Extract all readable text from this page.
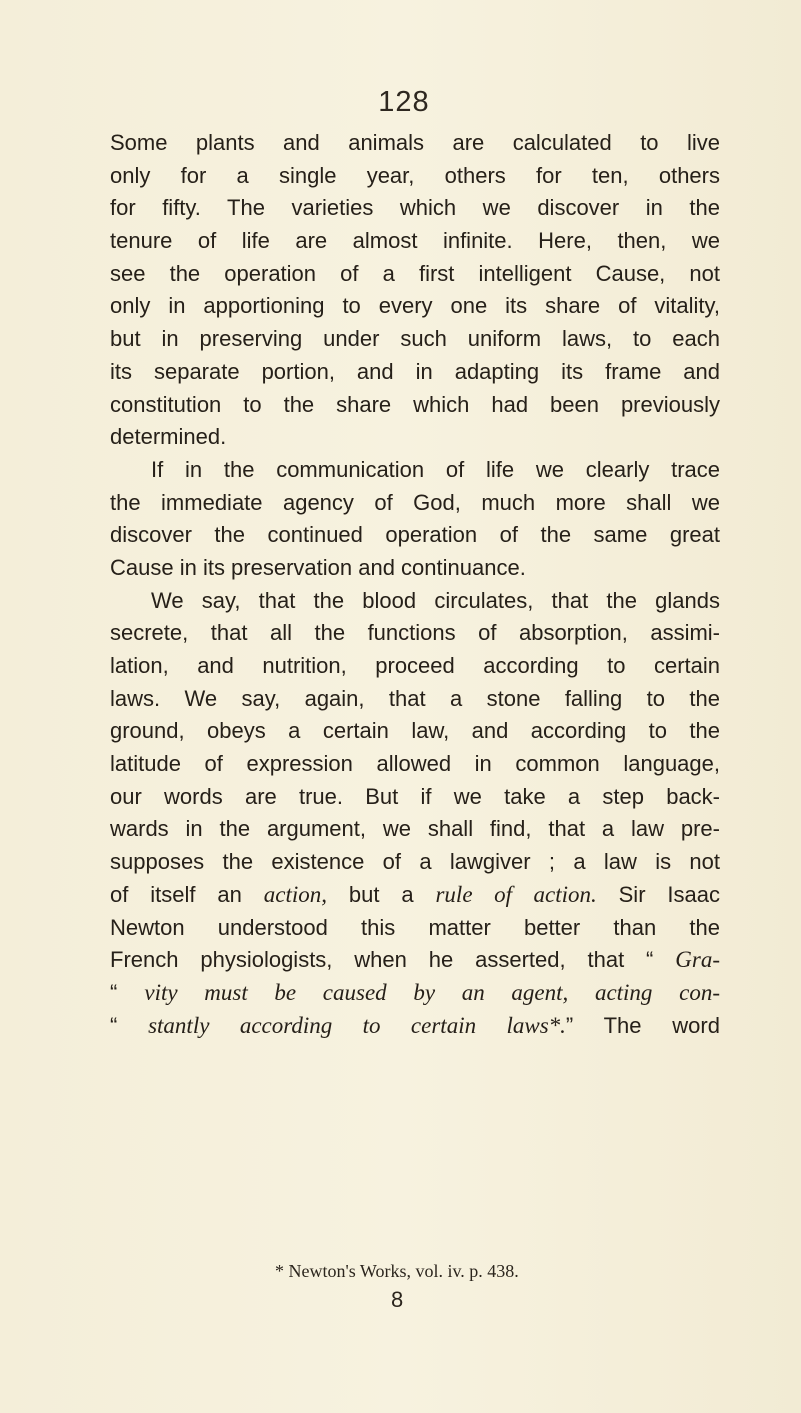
128
Some plants and animals are calculated to live
only for a single year, others for ten, others
for fifty. The varieties which we discover in the
tenure of life are almost infinite. Here, then, we
see the operation of a first intelligent Cause, not
only in apportioning to every one its share of vitality,
but in preserving under such uniform laws, to each
its separate portion, and in adapting its frame and
constitution to the share which had been previously
determined.
If in the communication of life we clearly trace
the immediate agency of God, much more shall we
discover the continued operation of the same great
Cause in its preservation and continuance.
We say, that the blood circulates, that the glands
secrete, that all the functions of absorption, assimi-
lation, and nutrition, proceed according to certain
laws. We say, again, that a stone falling to the
ground, obeys a certain law, and according to the
latitude of expression allowed in common language,
our words are true. But if we take a step back-
wards in the argument, we shall find, that a law pre-
supposes the existence of a lawgiver ; a law is not
of itself an action, but a rule of action. Sir Isaac
Newton understood this matter better than the
French physiologists, when he asserted, that “ Gra-
“ vity must be caused by an agent, acting con-
“ stantly according to certain laws*.” The word
* Newton's Works, vol. iv. p. 438.
8
